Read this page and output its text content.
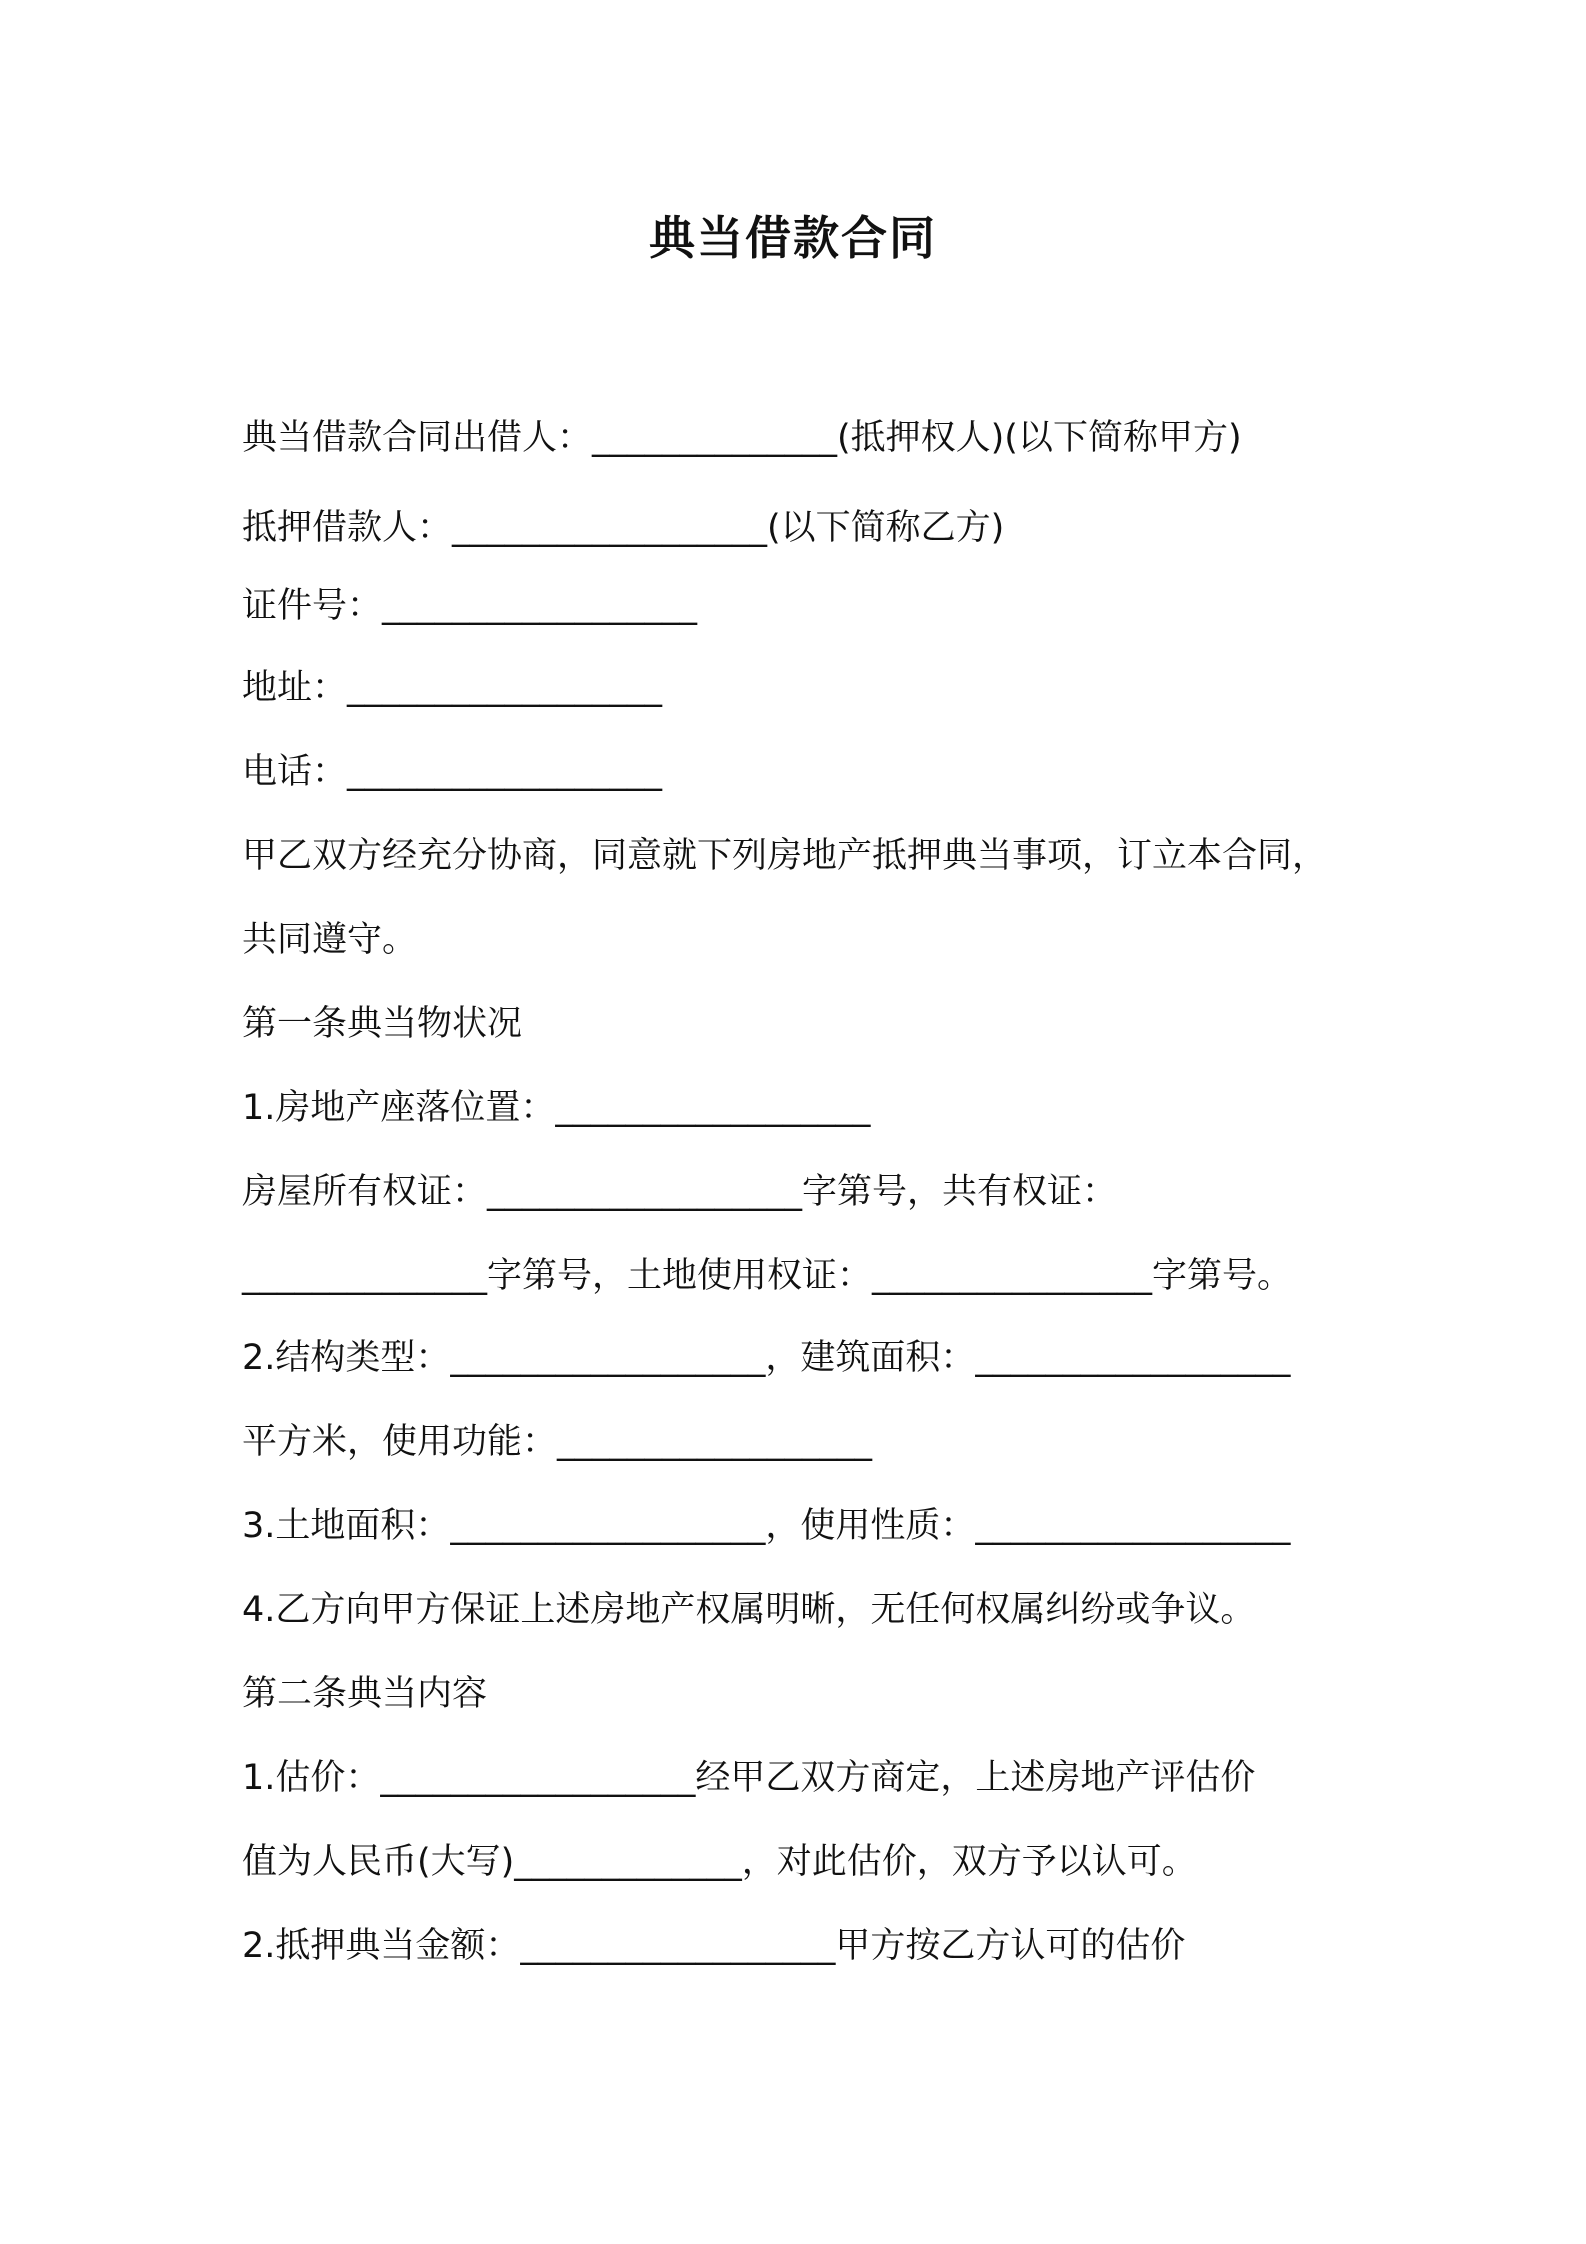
典当借款合同
典当借款合同出借人：______________(抵押权人)(以下简称甲方)
抵押借款人：__________________(以下简称乙方)
证件号：__________________
地址：__________________
电话：__________________
甲乙双方经充分协商，同意就下列房地产抵押典当事项，订立本合同，
共同遵守。
第一条典当物状况
1.房地产座落位置：__________________
房屋所有权证：__________________字第号，共有权证：
______________字第号，土地使用权证：________________字第号。
2.结构类型：__________________，建筑面积：__________________
平方米，使用功能：__________________
3.土地面积：__________________，使用性质：__________________
4.乙方向甲方保证上述房地产权属明晰，无任何权属纠纷或争议。
第二条典当内容
1.估价：__________________经甲乙双方商定，上述房地产评估价
值为人民币(大写)_____________，对此估价，双方予以认可。
2.抵押典当金额：__________________甲方按乙方认可的估价
